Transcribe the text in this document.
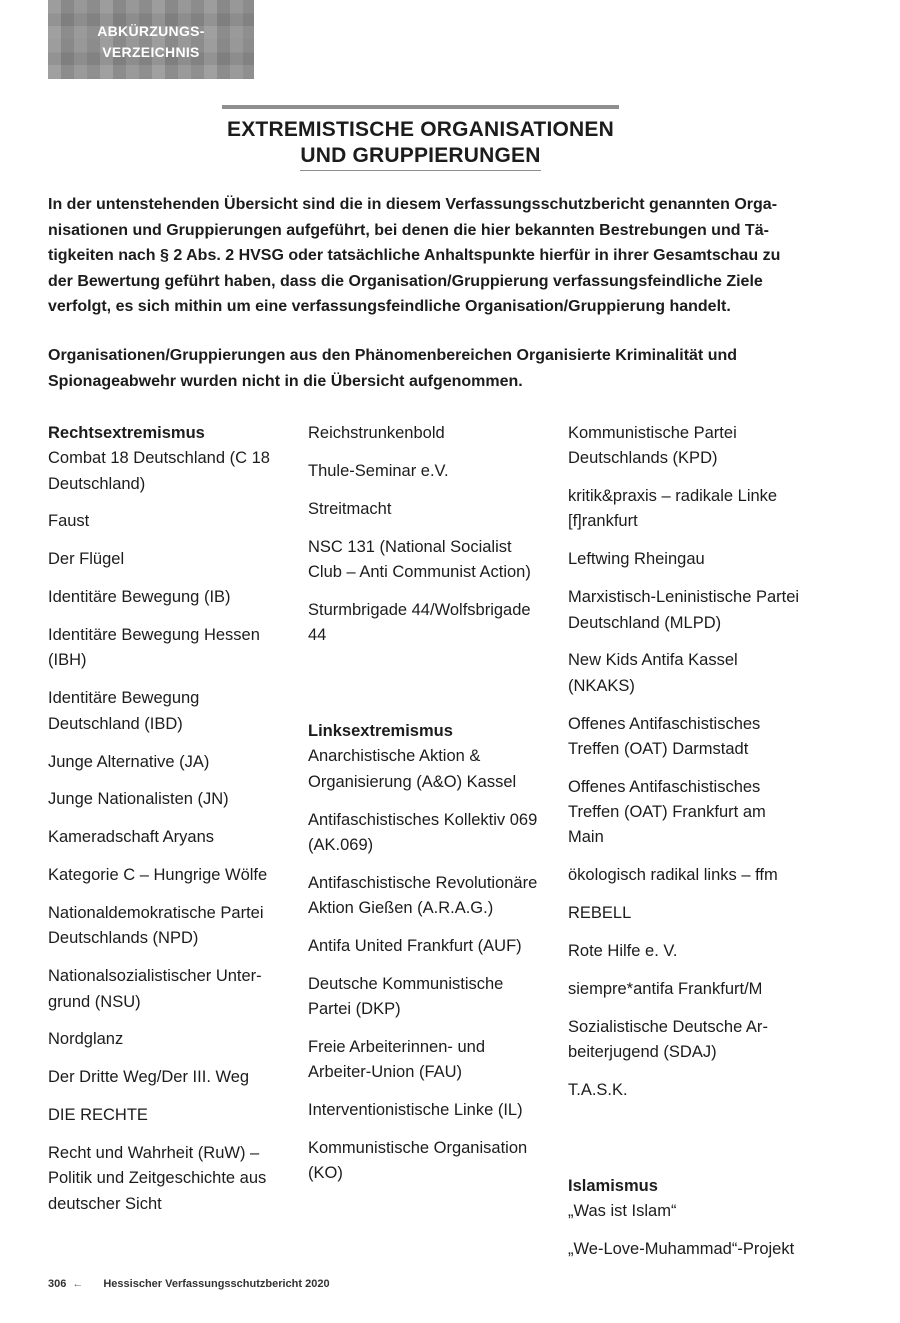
ABKÜRZUNGS-
VERZEICHNIS
EXTREMISTISCHE ORGANISATIONEN
UND GRUPPIERUNGEN

In der untenstehenden Übersicht sind die in diesem Verfassungsschutzbericht genannten Organisationen und Gruppierungen aufgeführt, bei denen die hier bekannten Bestrebungen und Tätigkeiten nach § 2 Abs. 2 HVSG oder tatsächliche Anhaltspunkte hierfür in ihrer Gesamtschau zu der Bewertung geführt haben, dass die Organisation/Gruppierung verfassungsfeindliche Ziele verfolgt, es sich mithin um eine verfassungsfeindliche Organisation/Gruppierung handelt.

Organisationen/Gruppierungen aus den Phänomenbereichen Organisierte Kriminalität und Spionageabwehr wurden nicht in die Übersicht aufgenommen.

Rechtsextremismus

Combat 18 Deutschland (C 18 Deutschland)

Faust

Der Flügel

Identitäre Bewegung (IB)

Identitäre Bewegung Hessen (IBH)

Identitäre Bewegung Deutschland (IBD)

Junge Alternative (JA)

Junge Nationalisten (JN)

Kameradschaft Aryans

Kategorie C – Hungrige Wölfe

Nationaldemokratische Partei Deutschlands (NPD)

Nationalsozialistischer Untergrund (NSU)

Nordglanz

Der Dritte Weg/Der III. Weg

DIE RECHTE

Recht und Wahrheit (RuW) – Politik und Zeitgeschichte aus deutscher Sicht

Reichstrunkenbold

Thule-Seminar e.V.

Streitmacht

NSC 131 (National Socialist Club – Anti Communist Action)

Sturmbrigade 44/Wolfsbrigade 44

Linksextremismus

Anarchistische Aktion & Organisierung (A&O) Kassel

Antifaschistisches Kollektiv 069 (AK.069)

Antifaschistische Revolutionäre Aktion Gießen (A.R.A.G.)

Antifa United Frankfurt (AUF)

Deutsche Kommunistische Partei (DKP)

Freie Arbeiterinnen- und Arbeiter-Union (FAU)

Interventionistische Linke (IL)

Kommunistische Organisation (KO)

Kommunistische Partei Deutschlands (KPD)

kritik&praxis – radikale Linke [f]rankfurt

Leftwing Rheingau

Marxistisch-Leninistische Partei Deutschland (MLPD)

New Kids Antifa Kassel (NKAKS)

Offenes Antifaschistisches Treffen (OAT) Darmstadt

Offenes Antifaschistisches Treffen (OAT) Frankfurt am Main

ökologisch radikal links – ffm

REBELL

Rote Hilfe e. V.

siempre*antifa Frankfurt/M

Sozialistische Deutsche Arbeiterjugend (SDAJ)

T.A.S.K.

Islamismus

„Was ist Islam“

„We-Love-Muhammad“-Projekt

306 ← Hessischer Verfassungsschutzbericht 2020
